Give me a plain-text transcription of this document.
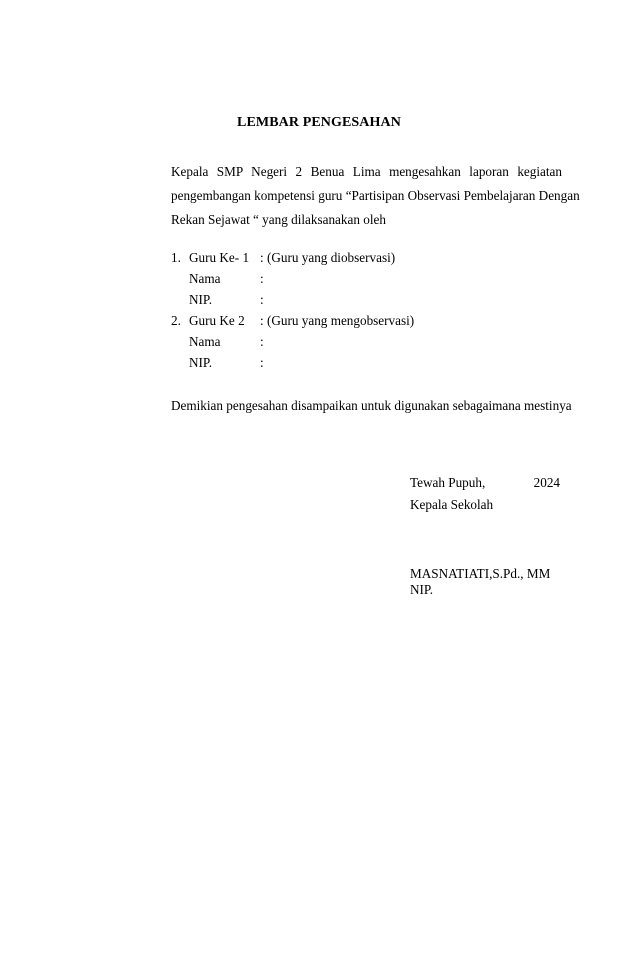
LEMBAR PENGESAHAN
Kepala SMP Negeri 2 Benua Lima mengesahkan laporan kegiatan
pengembangan kompetensi guru “Partisipan Observasi Pembelajaran Dengan
Rekan Sejawat “ yang dilaksanakan oleh
1. Guru Ke- 1 : (Guru yang diobservasi)
Nama	:
NIP.	:
2. Guru Ke 2 : (Guru yang mengobservasi)
Nama	:
NIP.	:
Demikian pengesahan disampaikan untuk digunakan sebagaimana mestinya
Tewah Pupuh,	2024
Kepala Sekolah
MASNATIATI,S.Pd., MM
NIP.
